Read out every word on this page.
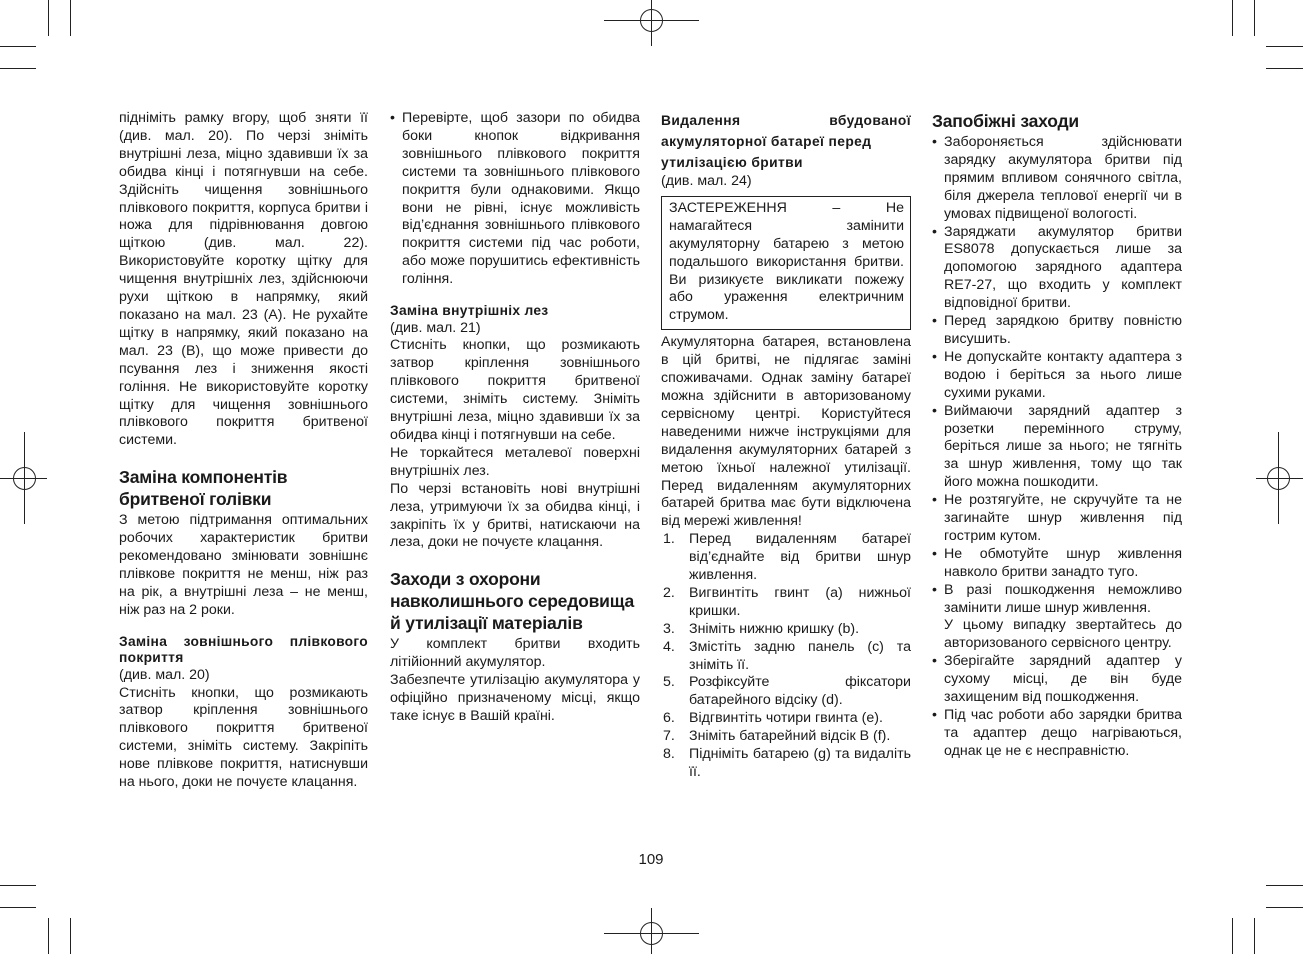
підніміть рамку вгору, щоб зняти її (див. мал. 20). По черзі зніміть внутрішні леза, міцно здавивши їх за обидва кінці і потягнувши на себе. Здійсніть чищення зовнішнього плівкового покриття, корпуса бритви і ножа для підрівнювання довгою щіткою (див. мал. 22). Використовуйте коротку щітку для чищення внутрішніх лез, здійснюючи рухи щіткою в напрямку, який показано на мал. 23 (A). Не рухайте щітку в напрямку, який показано на мал. 23 (B), що може привести до псування лез і зниження якості гоління. Не використовуйте коротку щітку для чищення зовнішнього плівкового покриття бритвеної системи.

Заміна компонентів бритвеної голівки

З метою підтримання оптимальних робочих характеристик бритви рекомендовано змінювати зовнішнє плівкове покриття не менш, ніж раз на рік, а внутрішні леза – не менш, ніж раз на 2 роки.

Заміна зовнішнього плівкового покриття

(див. мал. 20)

Стисніть кнопки, що розмикають затвор кріплення зовнішнього плівкового покриття бритвеної системи, зніміть систему. Закріпіть нове плівкове покриття, натиснувши на нього, доки не почуєте клацання.

• Перевірте, щоб зазори по обидва боки кнопок відкривання зовнішнього плівкового покриття системи та зовнішнього плівкового покриття були однаковими. Якщо вони не рівні, існує можливість від’єднання зовнішнього плівкового покриття системи під час роботи, або може порушитись ефективність гоління.
Заміна внутрішніх лез

(див. мал. 21)

Стисніть кнопки, що розмикають затвор кріплення зовнішнього плівкового покриття бритвеної системи, зніміть систему. Зніміть внутрішні леза, міцно здавивши їх за обидва кінці і потягнувши на себе.

Не торкайтеся металевої поверхні внутрішніх лез.

По черзі встановіть нові внутрішні леза, утримуючи їх за обидва кінці, і закріпіть їх у бритві, натискаючи на леза, доки не почуєте клацання.

Заходи з охорони навколишнього середовища й утилізації матеріалів

У комплект бритви входить літійіонний акумулятор.

Забезпечте утилізацію акумулятора у офіційно призначеному місці, якщо таке існує в Вашій країні.

Видалення вбудованої акумуляторної батареї перед
утилізацією бритви

(див. мал. 24)

ЗАСТЕРЕЖЕННЯ – Не намагайтеся замінити акумуляторну батарею з метою подальшого використання бритви. Ви ризикуєте викликати пожежу або ураження електричним струмом.

Акумуляторна батарея, встановлена в цій бритві, не підлягає заміні споживачами. Однак заміну батареї можна здійснити в авторизованому сервісному центрі. Користуйтеся наведеними нижче інструкціями для видалення акумуляторних батарей з метою їхньої належної утилізації. Перед видаленням акумуляторних батарей бритва має бути відключена від мережі живлення!

1. Перед видаленням батареї від’єднайте від бритви шнур живлення.
2. Вигвинтіть гвинт (a) нижньої кришки.
3. Зніміть нижню кришку (b).
4. Змістіть задню панель (c) та зніміть її.
5. Розфіксуйте фіксатори батарейного відсіку (d).
6. Відгвинтіть чотири гвинта (e).
7. Зніміть батарейний відсік B (f).
8. Підніміть батарею (g) та видаліть її.
Запобіжні заходи
• Забороняється здійснювати зарядку акумулятора бритви під прямим впливом сонячного світла, біля джерела теплової енергії чи в умовах підвищеної вологості.
• Заряджати акумулятор бритви ES8078 допускається лише за допомогою зарядного адаптера RE7-27, що входить у комплект відповідної бритви.
• Перед зарядкою бритву повністю висушить.
• Не допускайте контакту адаптера з водою і беріться за нього лише сухими руками.
• Виймаючи зарядний адаптер з розетки перемінного струму, беріться лише за нього; не тягніть за шнур живлення, тому що так його можна пошкодити.
• Не розтягуйте, не скручуйте та не загинайте шнур живлення під гострим кутом.
• Не обмотуйте шнур живлення навколо бритви занадто туго.
• В разі пошкодження неможливо замінити лише шнур живлення.

У цьому випадку звертайтесь до авторизованого сервісного центру.

• Зберігайте зарядний адаптер у сухому місці, де він буде захищеним від пошкодження.
• Під час роботи або зарядки бритва та адаптер дещо нагріваються, однак це не є несправністю.
109
